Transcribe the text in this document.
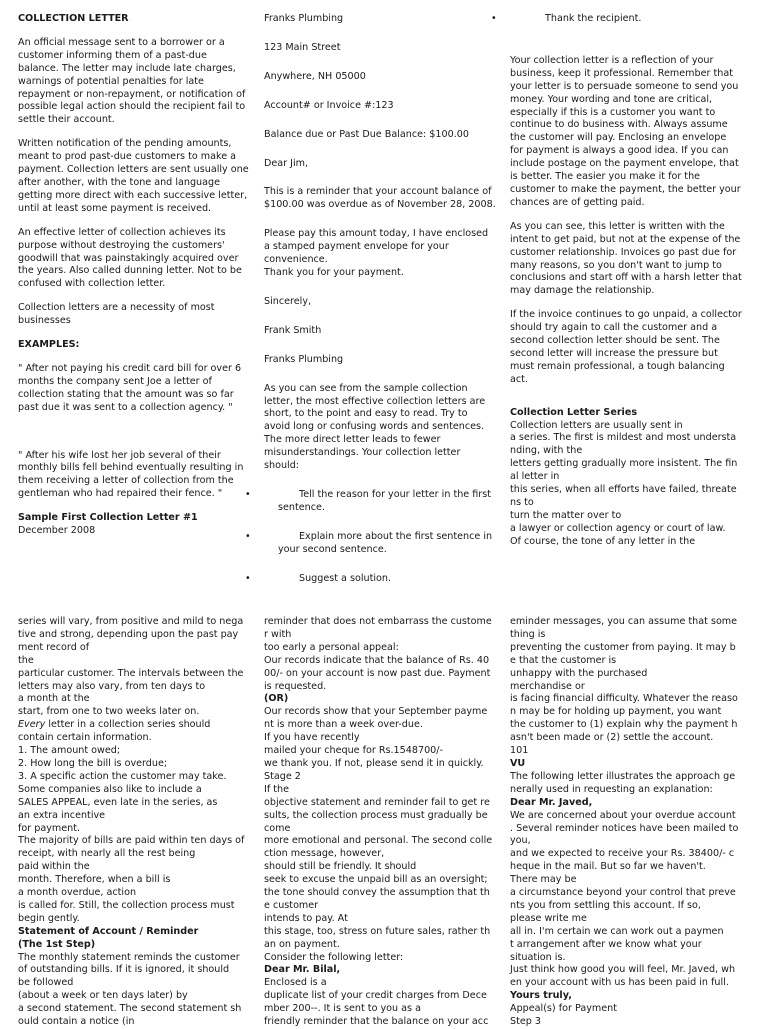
COLLECTION LETTER

An official message sent to a borrower or a customer informing them of a past-due balance. The letter may include late charges, warnings of potential penalties for late repayment or non-repayment, or notification of possible legal action should the recipient fail to settle their account.

Written notification of the pending amounts, meant to prod past-due customers to make a payment. Collection letters are sent usually one after another, with the tone and language getting more direct with each successive letter, until at least some payment is received.

An effective letter of collection achieves its purpose without destroying the customers' goodwill that was painstakingly acquired over the years. Also called dunning letter. Not to be confused with collection letter.

Collection letters are a necessity of most businesses

EXAMPLES:

" After not paying his credit card bill for over 6 months the company sent Joe a letter of collection stating that the amount was so far past due it was sent to a collection agency. "

" After his wife lost her job several of their monthly bills fell behind eventually resulting in them receiving a letter of collection from the gentleman who had repaired their fence. "

Sample First Collection Letter #1

December 2008

Franks Plumbing

123 Main Street

Anywhere, NH 05000

Account# or Invoice #:123

Balance due or Past Due Balance: $100.00

Dear Jim,

This is a reminder that your account balance of $100.00 was overdue as of November 28, 2008.

Please pay this amount today, I have enclosed a stamped payment envelope for your convenience.

Thank you for your payment.

Sincerely,

Frank Smith

Franks Plumbing

As you can see from the sample collection letter, the most effective collection letters are short, to the point and easy to read. Try to avoid long or confusing words and sentences. The more direct letter leads to fewer misunderstandings. Your collection letter should:

•	Tell the reason for your letter in the first sentence.
•	Explain more about the first sentence in your second sentence.
•	Suggest a solution.
•	Thank the recipient.

Your collection letter is a reflection of your business, keep it professional. Remember that your letter is to persuade someone to send you money. Your wording and tone are critical, especially if this is a customer you want to continue to do business with. Always assume the customer will pay. Enclosing an envelope for payment is always a good idea. If you can include postage on the payment envelope, that is better. The easier you make it for the customer to make the payment, the better your chances are of getting paid.

As you can see, this letter is written with the intent to get paid, but not at the expense of the customer relationship. Invoices go past due for many reasons, so you don't want to jump to conclusions and start off with a harsh letter that may damage the relationship.

If the invoice continues to go unpaid, a collector should try again to call the customer and a second collection letter should be sent. The second letter will increase the pressure but must remain professional, a tough balancing act.

Collection Letter Series

Collection letters are usually sent in

a series. The first is mildest and most understa

nding, with the

letters getting gradually more insistent. The fin

al letter in

this series, when all efforts have failed, threate

ns to

turn the matter over to

a lawyer or collection agency or court of law.

Of course, the tone of any letter in the

series will vary, from positive and mild to nega

tive and strong, depending upon the past pay

ment record of

the

particular customer. The intervals between the

letters may also vary, from ten days to

a month at the

start, from one to two weeks later on.

Every letter in a collection series should

contain certain information.

1. The amount owed;

2. How long the bill is overdue;

3. A specific action the customer may take.

Some companies also like to include a

SALES APPEAL, even late in the series, as

an extra incentive

for payment.

The majority of bills are paid within ten days of

receipt, with nearly all the rest being

paid within the

month. Therefore, when a bill is

a month overdue, action

is called for. Still, the collection process must

begin gently.

Statement of Account / Reminder

(The 1st Step)

The monthly statement reminds the customer

of outstanding bills. If it is ignored, it should

be followed

(about a week or ten days later) by

a second statement. The second statement sh

ould contain a notice (in

reminder that does not embarrass the custome

r with

too early a personal appeal:

Our records indicate that the balance of Rs. 40

00/- on your account is now past due. Payment

is requested.

(OR)

Our records show that your September payme

nt is more than a week over-due.

If you have recently

mailed your cheque for Rs.1548700/-

we thank you. If not, please send it in quickly.

Stage 2

If the

objective statement and reminder fail to get re

sults, the collection process must gradually be

come

more emotional and personal. The second colle

ction message, however,

should still be friendly. It should

seek to excuse the unpaid bill as an oversight;

the tone should convey the assumption that th

e customer

intends to pay. At

this stage, too, stress on future sales, rather th

an on payment.

Consider the following letter:

Dear Mr. Bilal,

Enclosed is a

duplicate list of your credit charges from Dece

mber 200--. It is sent to you as a

friendly reminder that the balance on your acc

eminder messages, you can assume that some

thing is

preventing the customer from paying. It may b

e that the customer is

unhappy with the purchased

merchandise or

is facing financial difficulty. Whatever the reaso

n may be for holding up payment, you want

the customer to (1) explain why the payment h

asn't been made or (2) settle the account.

101

VU

The following letter illustrates the approach ge

nerally used in requesting an explanation:

Dear Mr. Javed,

We are concerned about your overdue account

. Several reminder notices have been mailed to

you,

and we expected to receive your Rs. 38400/- c

heque in the mail. But so far we haven't.

There may be

a circumstance beyond your control that preve

nts you from settling this account. If so,

please write me

all in. I'm certain we can work out a paymen

t arrangement after we know what your

situation is.

Just think how good you will feel, Mr. Javed, wh

en your account with us has been paid in full.

Yours truly,

Appeal(s) for Payment

Step 3
